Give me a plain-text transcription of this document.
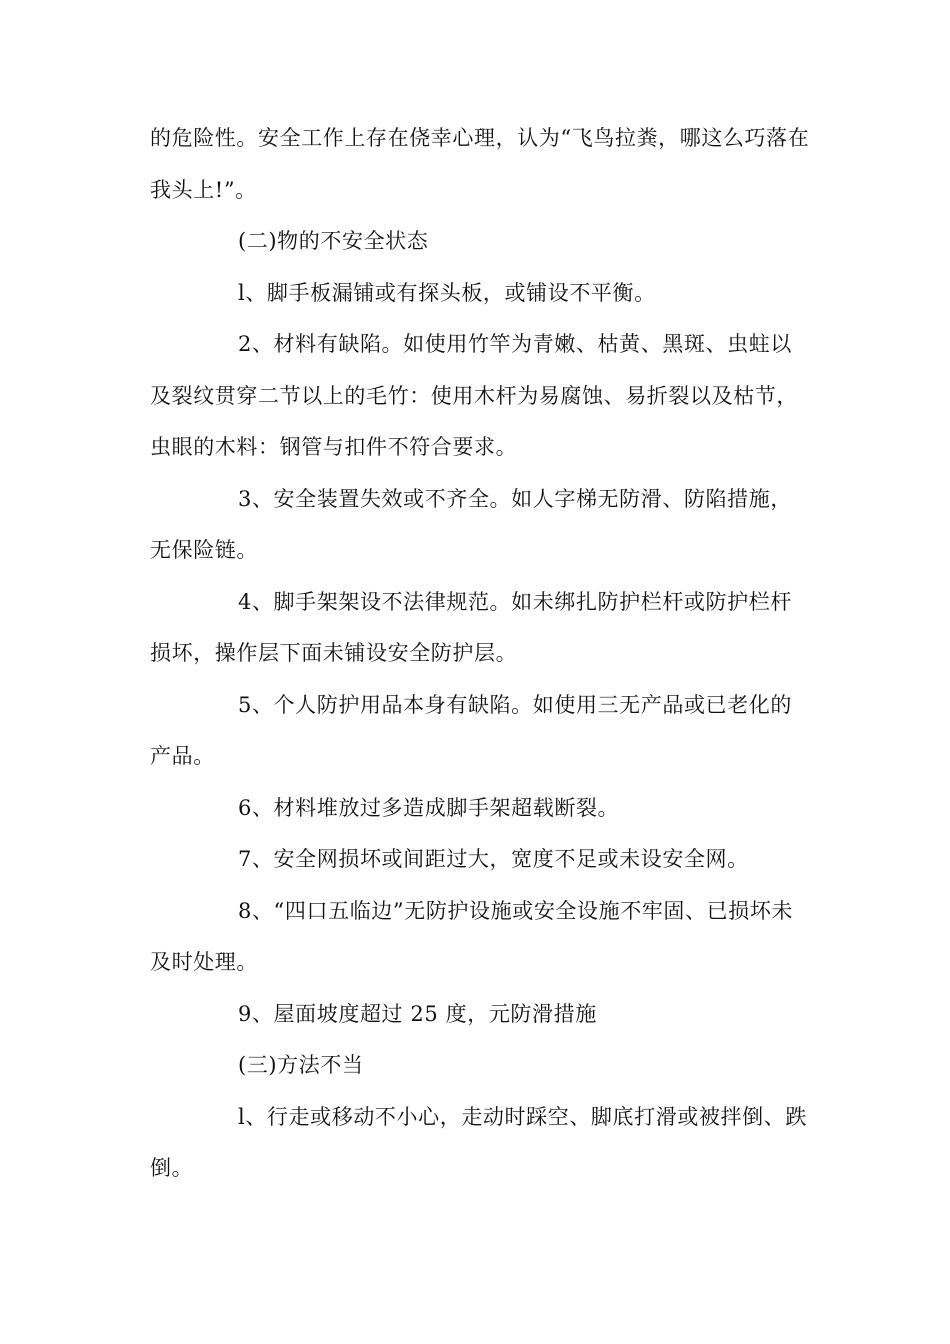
的危险性。安全工作上存在侥幸心理，认为“飞鸟拉粪，哪这么巧落在我头上!”。

(二)物的不安全状态

l、脚手板漏铺或有探头板，或铺设不平衡。

2、材料有缺陷。如使用竹竿为青嫩、枯黄、黑斑、虫蛀以及裂纹贯穿二节以上的毛竹：使用木杆为易腐蚀、易折裂以及枯节，虫眼的木料：钢管与扣件不符合要求。

3、安全装置失效或不齐全。如人字梯无防滑、防陷措施，无保险链。

4、脚手架架设不法律规范。如未绑扎防护栏杆或防护栏杆损坏，操作层下面未铺设安全防护层。

5、个人防护用品本身有缺陷。如使用三无产品或已老化的产品。

6、材料堆放过多造成脚手架超载断裂。

7、安全网损坏或间距过大，宽度不足或未设安全网。

8、“四口五临边”无防护设施或安全设施不牢固、已损坏未及时处理。

9、屋面坡度超过 25 度，元防滑措施

(三)方法不当

l、行走或移动不小心，走动时踩空、脚底打滑或被拌倒、跌倒。
